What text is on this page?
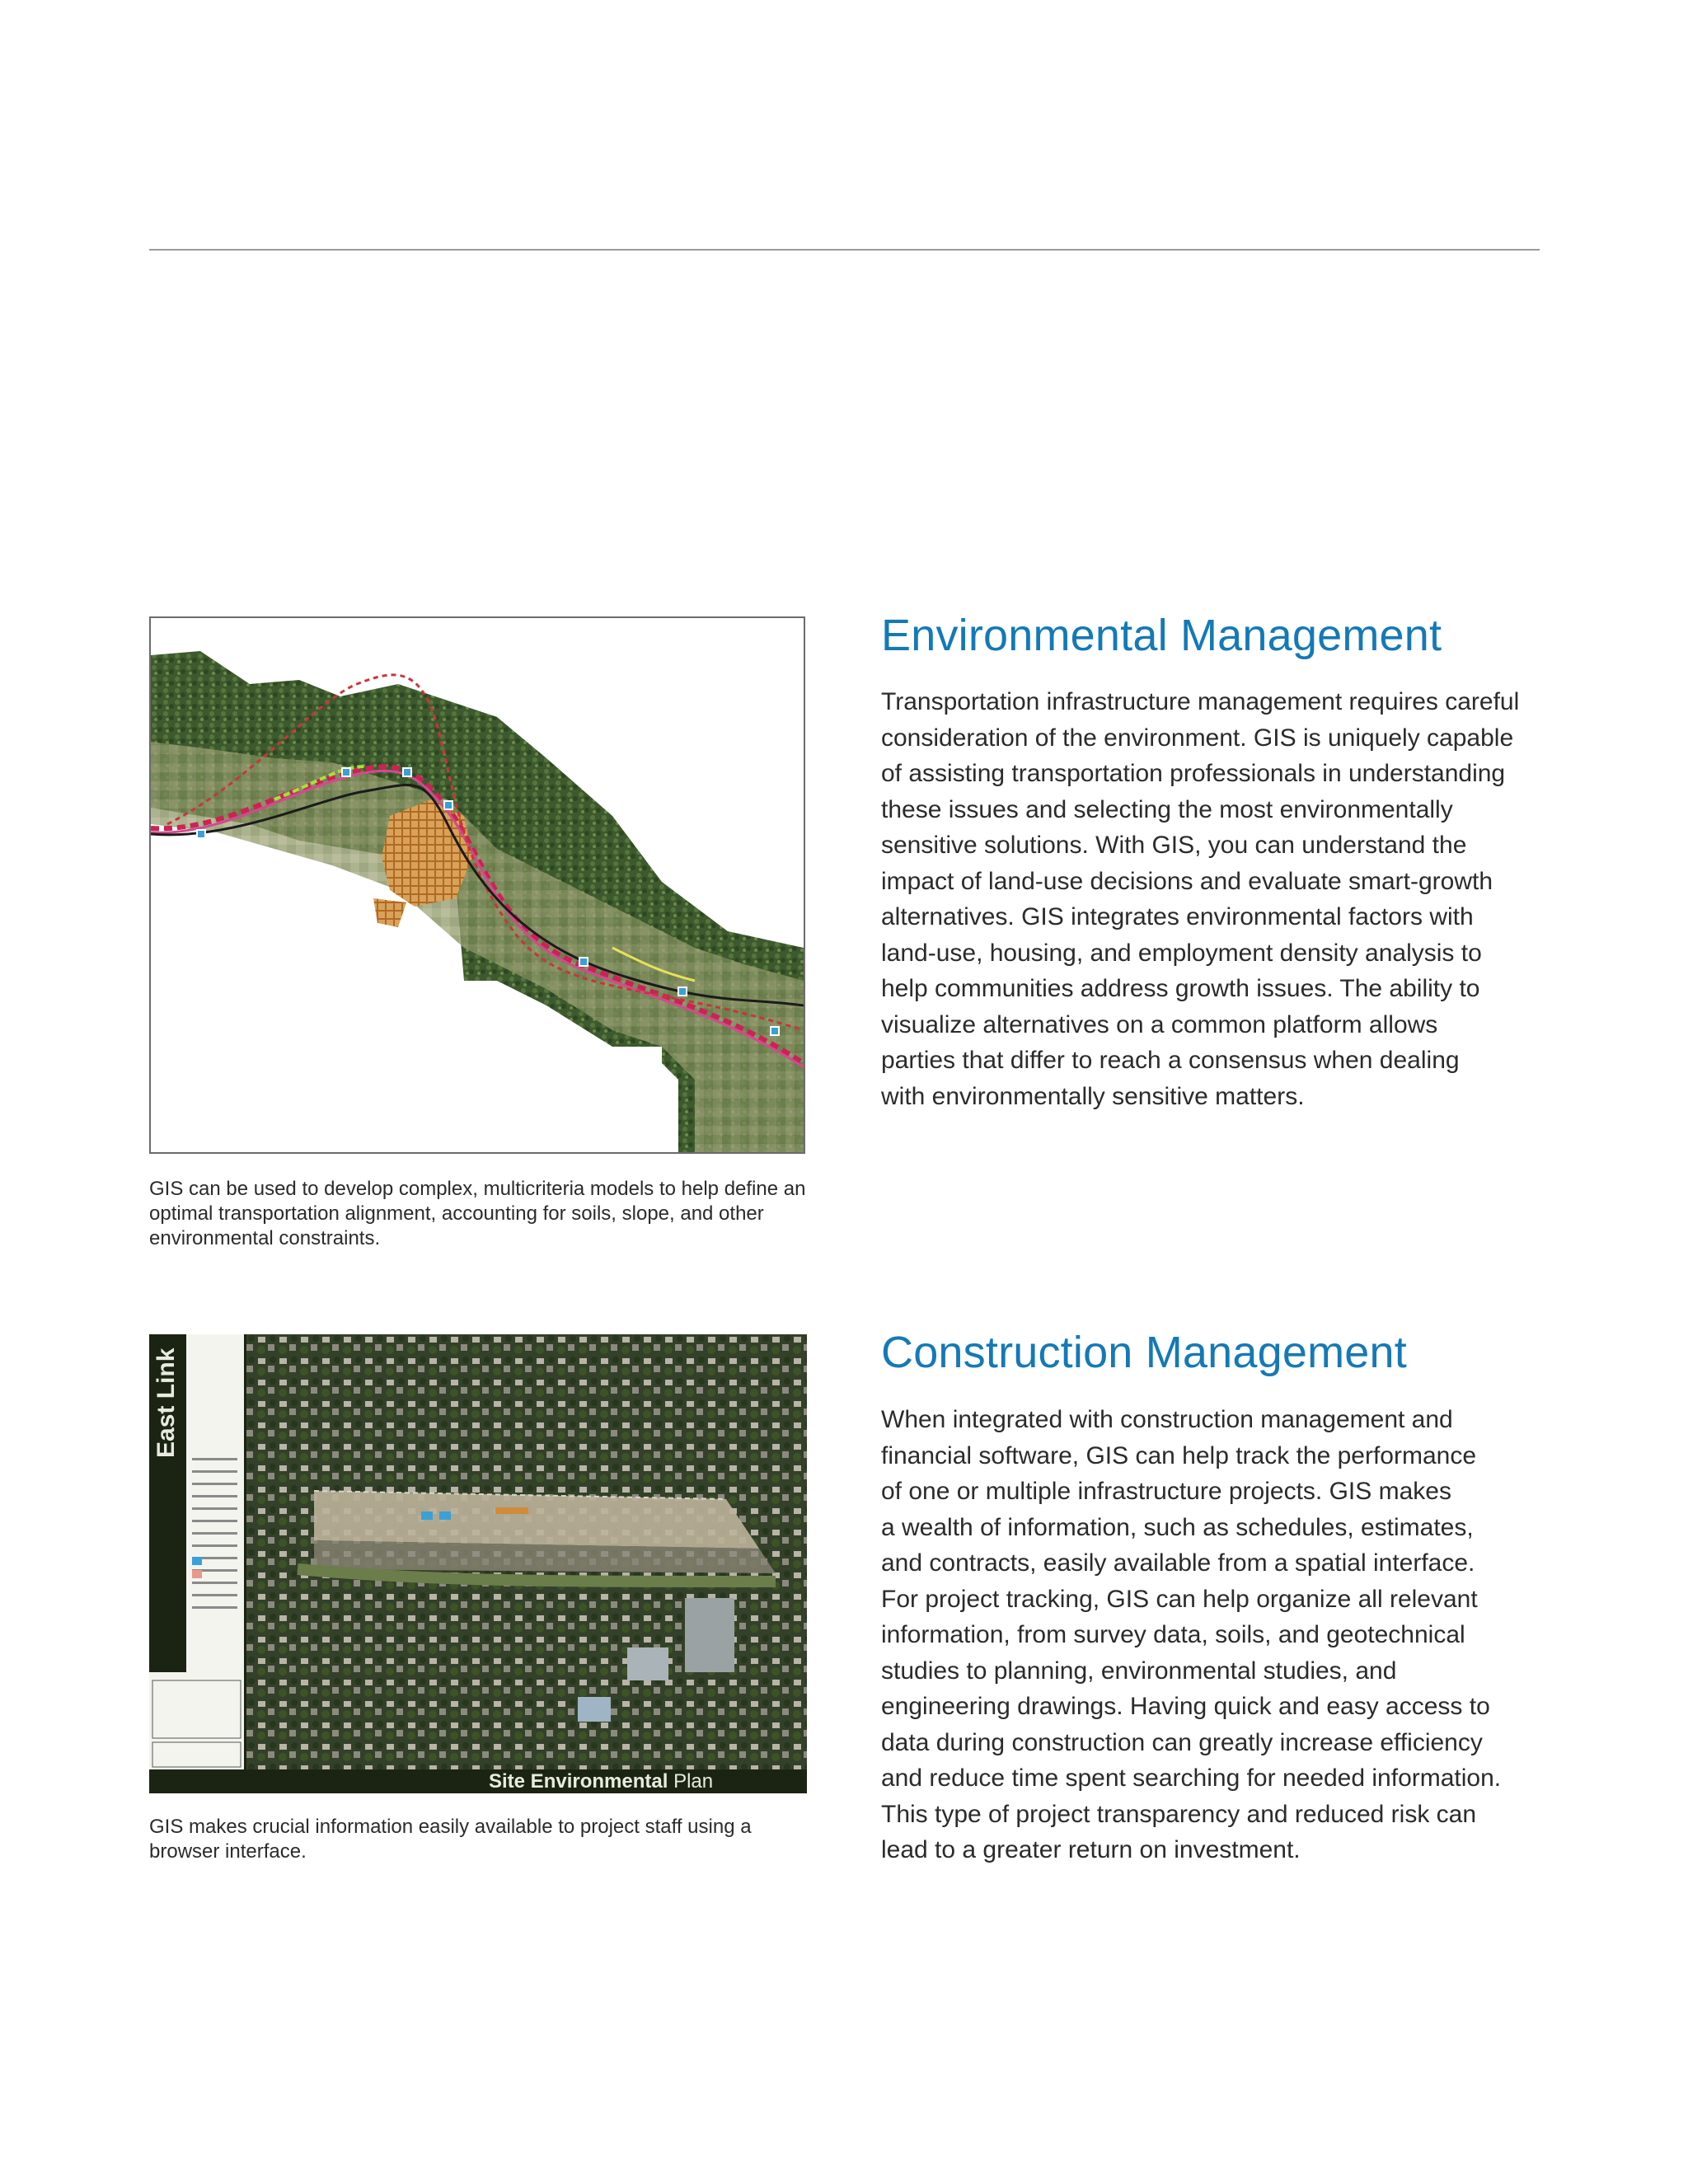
GIS can be used to develop complex, multicriteria models to help define an optimal transportation alignment, accounting for soils, slope, and other environmental constraints.

Environmental Management
Transportation infrastructure management requires careful
consideration of the environment. GIS is uniquely capable
of assisting transportation professionals in understanding
these issues and selecting the most environmentally
sensitive solutions. With GIS, you can understand the
impact of land-use decisions and evaluate smart-growth
alternatives. GIS integrates environmental factors with
land-use, housing, and employment density analysis to
help communities address growth issues. The ability to
visualize alternatives on a common platform allows
parties that differ to reach a consensus when dealing
with environmentally sensitive matters.
East Link
Site Environmental Plan

GIS makes crucial information easily available to project staff using a browser interface.

Construction Management
When integrated with construction management and
financial software, GIS can help track the performance
of one or multiple infrastructure projects. GIS makes
a wealth of information, such as schedules, estimates,
and contracts, easily available from a spatial interface.
For project tracking, GIS can help organize all relevant
information, from survey data, soils, and geotechnical
studies to planning, environmental studies, and
engineering drawings. Having quick and easy access to
data during construction can greatly increase efficiency
and reduce time spent searching for needed information.
This type of project transparency and reduced risk can
lead to a greater return on investment.
